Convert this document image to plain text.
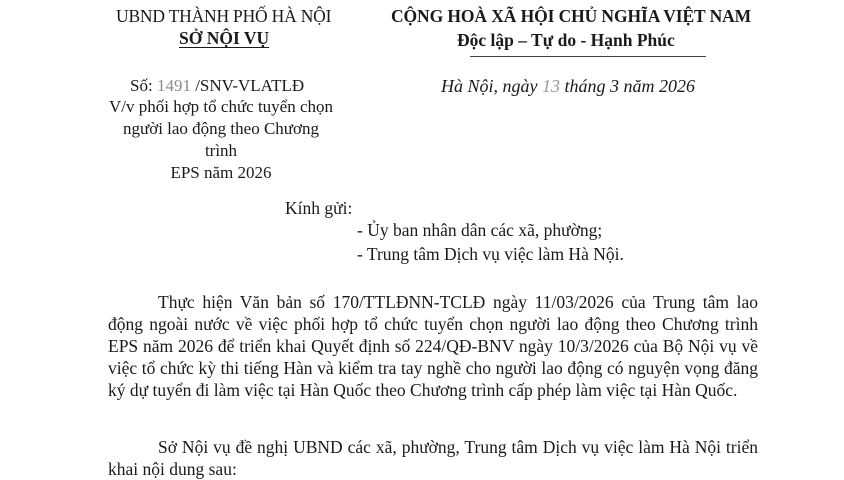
UBND THÀNH PHỐ HÀ NỘI
SỞ NỘI VỤ
CỘNG HOÀ XÃ HỘI CHỦ NGHĨA VIỆT NAM
Độc lập – Tự do - Hạnh Phúc
Số: 1491 /SNV-VLATLĐ
V/v phối hợp tổ chức tuyển chọn
người lao động theo Chương trình
EPS năm 2026
Hà Nội, ngày 13 tháng 3 năm 2026
Kính gửi:
- Ủy ban nhân dân các xã, phường;
- Trung tâm Dịch vụ việc làm Hà Nội.

Thực hiện Văn bản số 170/TTLĐNN-TCLĐ ngày 11/03/2026 của Trung tâm lao động ngoài nước về việc phối hợp tổ chức tuyển chọn người lao động theo Chương trình EPS năm 2026 để triển khai Quyết định số 224/QĐ-BNV ngày 10/3/2026 của Bộ Nội vụ về việc tổ chức kỳ thi tiếng Hàn và kiểm tra tay nghề cho người lao động có nguyện vọng đăng ký dự tuyển đi làm việc tại Hàn Quốc theo Chương trình cấp phép làm việc tại Hàn Quốc.

Sở Nội vụ đề nghị UBND các xã, phường, Trung tâm Dịch vụ việc làm Hà Nội triển khai nội dung sau:
